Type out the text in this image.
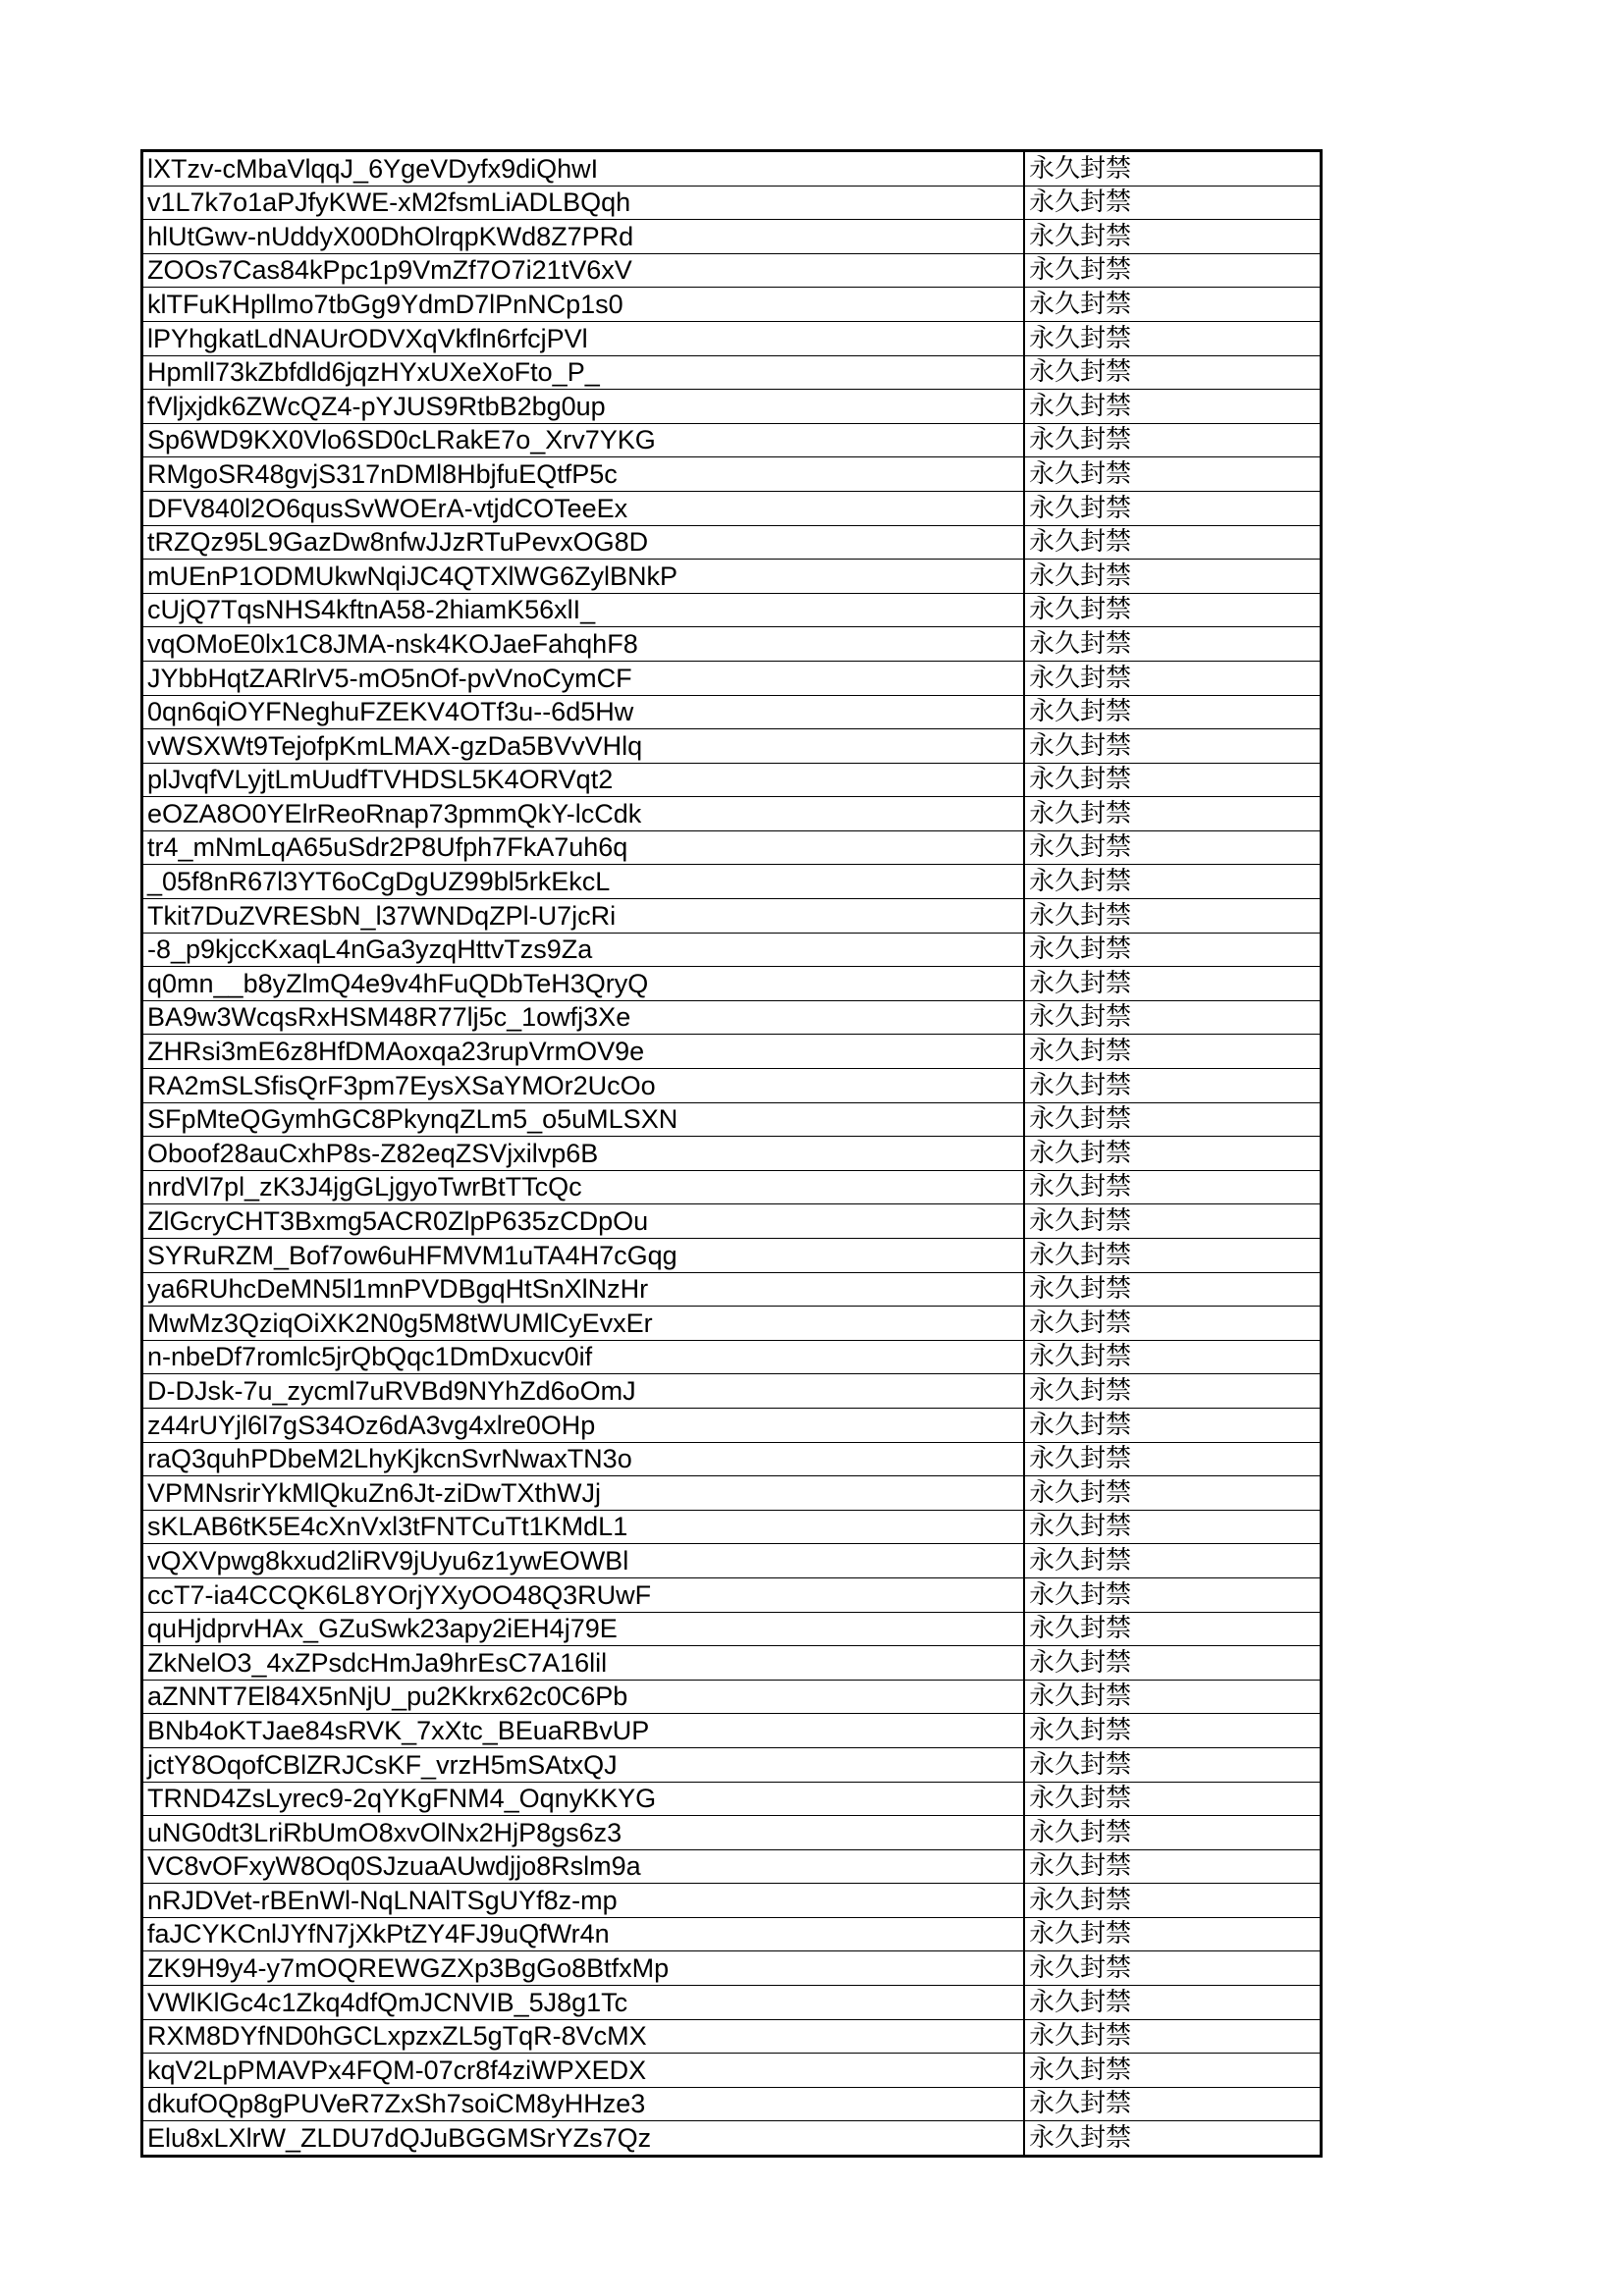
lXTzv-cMbaVlqqJ_6YgeVDyfx9diQhwI	永久封禁
v1L7k7o1aPJfyKWE-xM2fsmLiADLBQqh	永久封禁
hlUtGwv-nUddyX00DhOlrqpKWd8Z7PRd	永久封禁
ZOOs7Cas84kPpc1p9VmZf7O7i21tV6xV	永久封禁
klTFuKHpllmo7tbGg9YdmD7lPnNCp1s0	永久封禁
lPYhgkatLdNAUrODVXqVkfln6rfcjPVl	永久封禁
Hpmll73kZbfdld6jqzHYxUXeXoFto_P_	永久封禁
fVljxjdk6ZWcQZ4-pYJUS9RtbB2bg0up	永久封禁
Sp6WD9KX0Vlo6SD0cLRakE7o_Xrv7YKG	永久封禁
RMgoSR48gvjS317nDMl8HbjfuEQtfP5c	永久封禁
DFV840l2O6qusSvWOErA-vtjdCOTeeEx	永久封禁
tRZQz95L9GazDw8nfwJJzRTuPevxOG8D	永久封禁
mUEnP1ODMUkwNqiJC4QTXlWG6ZylBNkP	永久封禁
cUjQ7TqsNHS4kftnA58-2hiamK56xlI_	永久封禁
vqOMoE0lx1C8JMA-nsk4KOJaeFahqhF8	永久封禁
JYbbHqtZARlrV5-mO5nOf-pvVnoCymCF	永久封禁
0qn6qiOYFNeghuFZEKV4OTf3u--6d5Hw	永久封禁
vWSXWt9TejofpKmLMAX-gzDa5BVvVHlq	永久封禁
plJvqfVLyjtLmUudfTVHDSL5K4ORVqt2	永久封禁
eOZA8O0YElrReoRnap73pmmQkY-lcCdk	永久封禁
tr4_mNmLqA65uSdr2P8Ufph7FkA7uh6q	永久封禁
_05f8nR67l3YT6oCgDgUZ99bl5rkEkcL	永久封禁
Tkit7DuZVRESbN_l37WNDqZPl-U7jcRi	永久封禁
-8_p9kjccKxaqL4nGa3yzqHttvTzs9Za	永久封禁
q0mn__b8yZlmQ4e9v4hFuQDbTeH3QryQ	永久封禁
BA9w3WcqsRxHSM48R77lj5c_1owfj3Xe	永久封禁
ZHRsi3mE6z8HfDMAoxqa23rupVrmOV9e	永久封禁
RA2mSLSfisQrF3pm7EysXSaYMOr2UcOo	永久封禁
SFpMteQGymhGC8PkynqZLm5_o5uMLSXN	永久封禁
Oboof28auCxhP8s-Z82eqZSVjxilvp6B	永久封禁
nrdVl7pl_zK3J4jgGLjgyoTwrBtTTcQc	永久封禁
ZlGcryCHT3Bxmg5ACR0ZlpP635zCDpOu	永久封禁
SYRuRZM_Bof7ow6uHFMVM1uTA4H7cGqg	永久封禁
ya6RUhcDeMN5l1mnPVDBgqHtSnXlNzHr	永久封禁
MwMz3QziqOiXK2N0g5M8tWUMlCyEvxEr	永久封禁
n-nbeDf7romlc5jrQbQqc1DmDxucv0if	永久封禁
D-DJsk-7u_zycml7uRVBd9NYhZd6oOmJ	永久封禁
z44rUYjl6l7gS34Oz6dA3vg4xlre0OHp	永久封禁
raQ3quhPDbeM2LhyKjkcnSvrNwaxTN3o	永久封禁
VPMNsrirYkMlQkuZn6Jt-ziDwTXthWJj	永久封禁
sKLAB6tK5E4cXnVxl3tFNTCuTt1KMdL1	永久封禁
vQXVpwg8kxud2liRV9jUyu6z1ywEOWBl	永久封禁
ccT7-ia4CCQK6L8YOrjYXyOO48Q3RUwF	永久封禁
quHjdprvHAx_GZuSwk23apy2iEH4j79E	永久封禁
ZkNelO3_4xZPsdcHmJa9hrEsC7A16lil	永久封禁
aZNNT7El84X5nNjU_pu2Kkrx62c0C6Pb	永久封禁
BNb4oKTJae84sRVK_7xXtc_BEuaRBvUP	永久封禁
jctY8OqofCBlZRJCsKF_vrzH5mSAtxQJ	永久封禁
TRND4ZsLyrec9-2qYKgFNM4_OqnyKKYG	永久封禁
uNG0dt3LriRbUmO8xvOlNx2HjP8gs6z3	永久封禁
VC8vOFxyW8Oq0SJzuaAUwdjjo8Rslm9a	永久封禁
nRJDVet-rBEnWl-NqLNAlTSgUYf8z-mp	永久封禁
faJCYKCnlJYfN7jXkPtZY4FJ9uQfWr4n	永久封禁
ZK9H9y4-y7mOQREWGZXp3BgGo8BtfxMp	永久封禁
VWlKlGc4c1Zkq4dfQmJCNVIB_5J8g1Tc	永久封禁
RXM8DYfND0hGCLxpzxZL5gTqR-8VcMX	永久封禁
kqV2LpPMAVPx4FQM-07cr8f4ziWPXEDX	永久封禁
dkufOQp8gPUVeR7ZxSh7soiCM8yHHze3	永久封禁
Elu8xLXlrW_ZLDU7dQJuBGGMSrYZs7Qz	永久封禁
